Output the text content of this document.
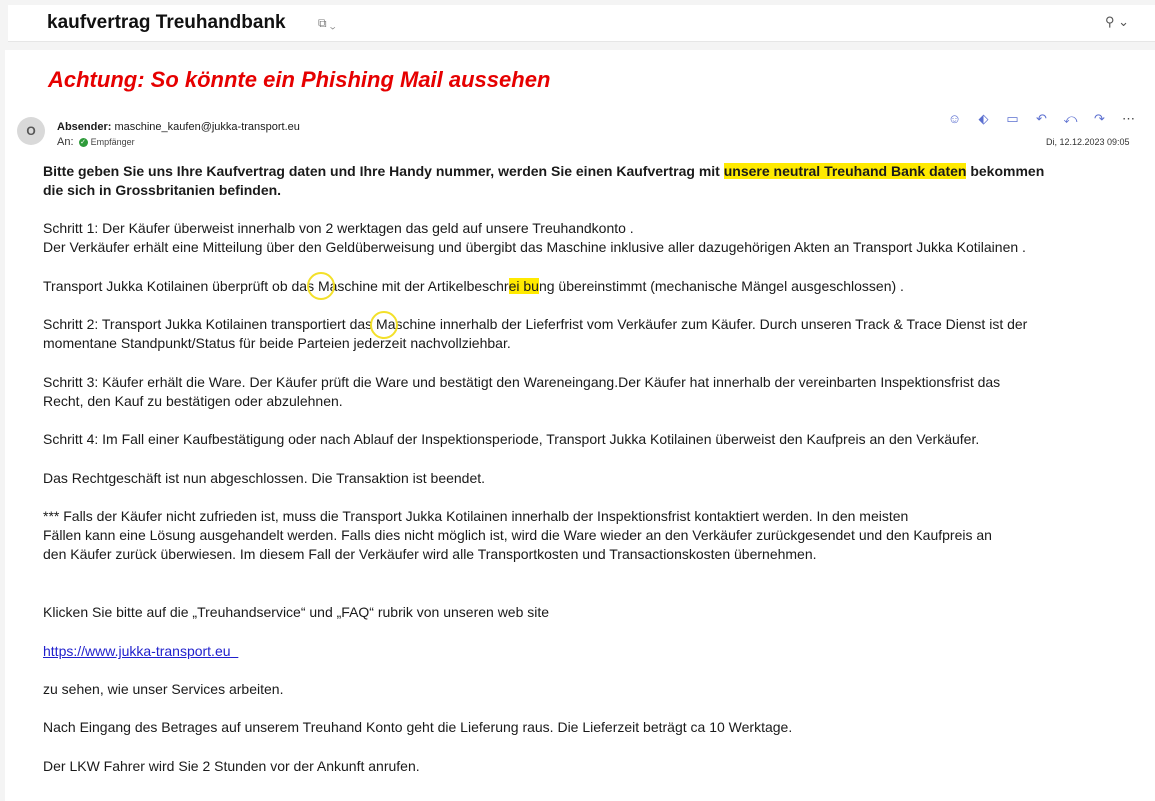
kaufvertrag Treuhandbank	⧉ ⌄	⚲ ⌄
Achtung: So könnte ein Phishing Mail aussehen
O	Absender: maschine_kaufen@jukka-transport.eu
An: ✓ Empfänger
☺ ⬖ ▭ ↶ ⤺ ↷ ⋯
Di, 12.12.2023 09:05
Bitte geben Sie uns Ihre Kaufvertrag daten und Ihre Handy nummer, werden Sie einen Kaufvertrag mit unsere neutral Treuhand Bank daten bekommen
die sich in Grossbritanien befinden.
Schritt 1: Der Käufer überweist innerhalb von 2 werktagen das geld auf unsere Treuhandkonto .
Der Verkäufer erhält eine Mitteilung über den Geldüberweisung und übergibt das Maschine inklusive aller dazugehörigen Akten an Transport Jukka Kotilainen .
Transport Jukka Kotilainen überprüft ob das Maschine mit der Artikelbeschrei bung übereinstimmt (mechanische Mängel ausgeschlossen) .
Schritt 2: Transport Jukka Kotilainen transportiert das Maschine innerhalb der Lieferfrist vom Verkäufer zum Käufer. Durch unseren Track & Trace Dienst ist der
momentane Standpunkt/Status für beide Parteien jederzeit nachvollziehbar.
Schritt 3: Käufer erhält die Ware. Der Käufer prüft die Ware und bestätigt den Wareneingang.Der Käufer hat innerhalb der vereinbarten Inspektionsfrist das
Recht, den Kauf zu bestätigen oder abzulehnen.
Schritt 4: Im Fall einer Kaufbestätigung oder nach Ablauf der Inspektionsperiode, Transport Jukka Kotilainen überweist den Kaufpreis an den Verkäufer.
Das Rechtgeschäft ist nun abgeschlossen. Die Transaktion ist beendet.
*** Falls der Käufer nicht zufrieden ist, muss die Transport Jukka Kotilainen innerhalb der Inspektionsfrist kontaktiert werden. In den meisten
Fällen kann eine Lösung ausgehandelt werden. Falls dies nicht möglich ist, wird die Ware wieder an den Verkäufer zurückgesendet und den Kaufpreis an
den Käufer zurück überwiesen. Im diesem Fall der Verkäufer wird alle Transportkosten und Transactionskosten übernehmen.
Klicken Sie bitte auf die „Treuhandservice“ und „FAQ“ rubrik von unseren web site
https://www.jukka-transport.eu
zu sehen, wie unser Services arbeiten.
Nach Eingang des Betrages auf unserem Treuhand Konto geht die Lieferung raus. Die Lieferzeit beträgt ca 10 Werktage.
Der LKW Fahrer wird Sie 2 Stunden vor der Ankunft anrufen.
